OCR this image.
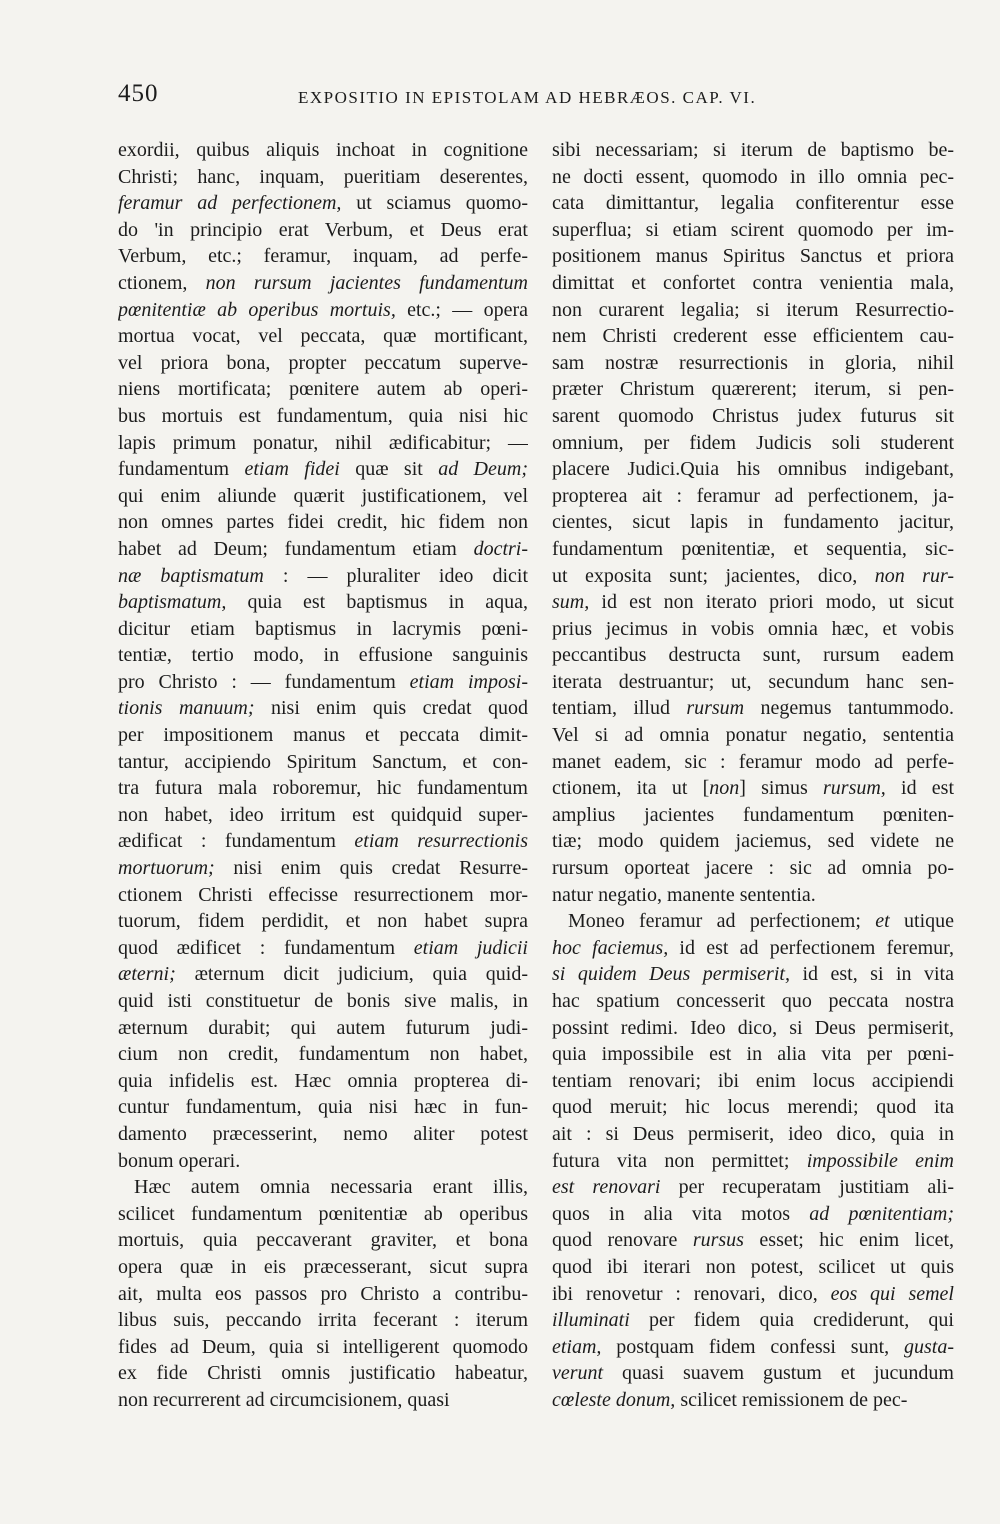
450	EXPOSITIO IN EPISTOLAM AD HEBRÆOS. CAP. VI.
exordii, quibus aliquis inchoat in cognitione
Christi; hanc, inquam, pueritiam deserentes,
feramur ad perfectionem, ut sciamus quomo-
do 'in principio erat Verbum, et Deus erat
Verbum, etc.; feramur, inquam, ad perfe-
ctionem, non rursum jacientes fundamentum
pœnitentiæ ab operibus mortuis, etc.; — opera
mortua vocat, vel peccata, quæ mortificant,
vel priora bona, propter peccatum superve-
niens mortificata; pœnitere autem ab operi-
bus mortuis est fundamentum, quia nisi hic
lapis primum ponatur, nihil ædificabitur; —
fundamentum etiam fidei quæ sit ad Deum;
qui enim aliunde quærit justificationem, vel
non omnes partes fidei credit, hic fidem non
habet ad Deum; fundamentum etiam doctri-
næ baptismatum : — pluraliter ideo dicit
baptismatum, quia est baptismus in aqua,
dicitur etiam baptismus in lacrymis pœni-
tentiæ, tertio modo, in effusione sanguinis
pro Christo : — fundamentum etiam imposi-
tionis manuum; nisi enim quis credat quod
per impositionem manus et peccata dimit-
tantur, accipiendo Spiritum Sanctum, et con-
tra futura mala roboremur, hic fundamentum
non habet, ideo irritum est quidquid super-
ædificat : fundamentum etiam resurrectionis
mortuorum; nisi enim quis credat Resurre-
ctionem Christi effecisse resurrectionem mor-
tuorum, fidem perdidit, et non habet supra
quod ædificet : fundamentum etiam judicii
æterni; æternum dicit judicium, quia quid-
quid isti constituetur de bonis sive malis, in
æternum durabit; qui autem futurum judi-
cium non credit, fundamentum non habet,
quia infidelis est. Hæc omnia propterea di-
cuntur fundamentum, quia nisi hæc in fun-
damento præcesserint, nemo aliter potest
bonum operari.
Hæc autem omnia necessaria erant illis,
scilicet fundamentum pœnitentiæ ab operibus
mortuis, quia peccaverant graviter, et bona
opera quæ in eis præcesserant, sicut supra
ait, multa eos passos pro Christo a contribu-
libus suis, peccando irrita fecerant : iterum
fides ad Deum, quia si intelligerent quomodo
ex fide Christi omnis justificatio habeatur,
non recurrerent ad circumcisionem, quasi
sibi necessariam; si iterum de baptismo be-
ne docti essent, quomodo in illo omnia pec-
cata dimittantur, legalia confiterentur esse
superflua; si etiam scirent quomodo per im-
positionem manus Spiritus Sanctus et priora
dimittat et confortet contra venientia mala,
non curarent legalia; si iterum Resurrectio-
nem Christi crederent esse efficientem cau-
sam nostræ resurrectionis in gloria, nihil
præter Christum quærerent; iterum, si pen-
sarent quomodo Christus judex futurus sit
omnium, per fidem Judicis soli studerent
placere Judici.Quia his omnibus indigebant,
propterea ait : feramur ad perfectionem, ja-
cientes, sicut lapis in fundamento jacitur,
fundamentum pœnitentiæ, et sequentia, sic-
ut exposita sunt; jacientes, dico, non rur-
sum, id est non iterato priori modo, ut sicut
prius jecimus in vobis omnia hæc, et vobis
peccantibus destructa sunt, rursum eadem
iterata destruantur; ut, secundum hanc sen-
tentiam, illud rursum negemus tantummodo.
Vel si ad omnia ponatur negatio, sententia
manet eadem, sic : feramur modo ad perfe-
ctionem, ita ut [non] simus rursum, id est
amplius jacientes fundamentum pœniten-
tiæ; modo quidem jaciemus, sed videte ne
rursum oporteat jacere : sic ad omnia po-
natur negatio, manente sententia.
Moneo feramur ad perfectionem; et utique
hoc faciemus, id est ad perfectionem feremur,
si quidem Deus permiserit, id est, si in vita
hac spatium concesserit quo peccata nostra
possint redimi. Ideo dico, si Deus permiserit,
quia impossibile est in alia vita per pœni-
tentiam renovari; ibi enim locus accipiendi
quod meruit; hic locus merendi; quod ita
ait : si Deus permiserit, ideo dico, quia in
futura vita non permittet; impossibile enim
est renovari per recuperatam justitiam ali-
quos in alia vita motos ad pœnitentiam;
quod renovare rursus esset; hic enim licet,
quod ibi iterari non potest, scilicet ut quis
ibi renovetur : renovari, dico, eos qui semel
illuminati per fidem quia crediderunt, qui
etiam, postquam fidem confessi sunt, gusta-
verunt quasi suavem gustum et jucundum
cœleste donum, scilicet remissionem de pec-
